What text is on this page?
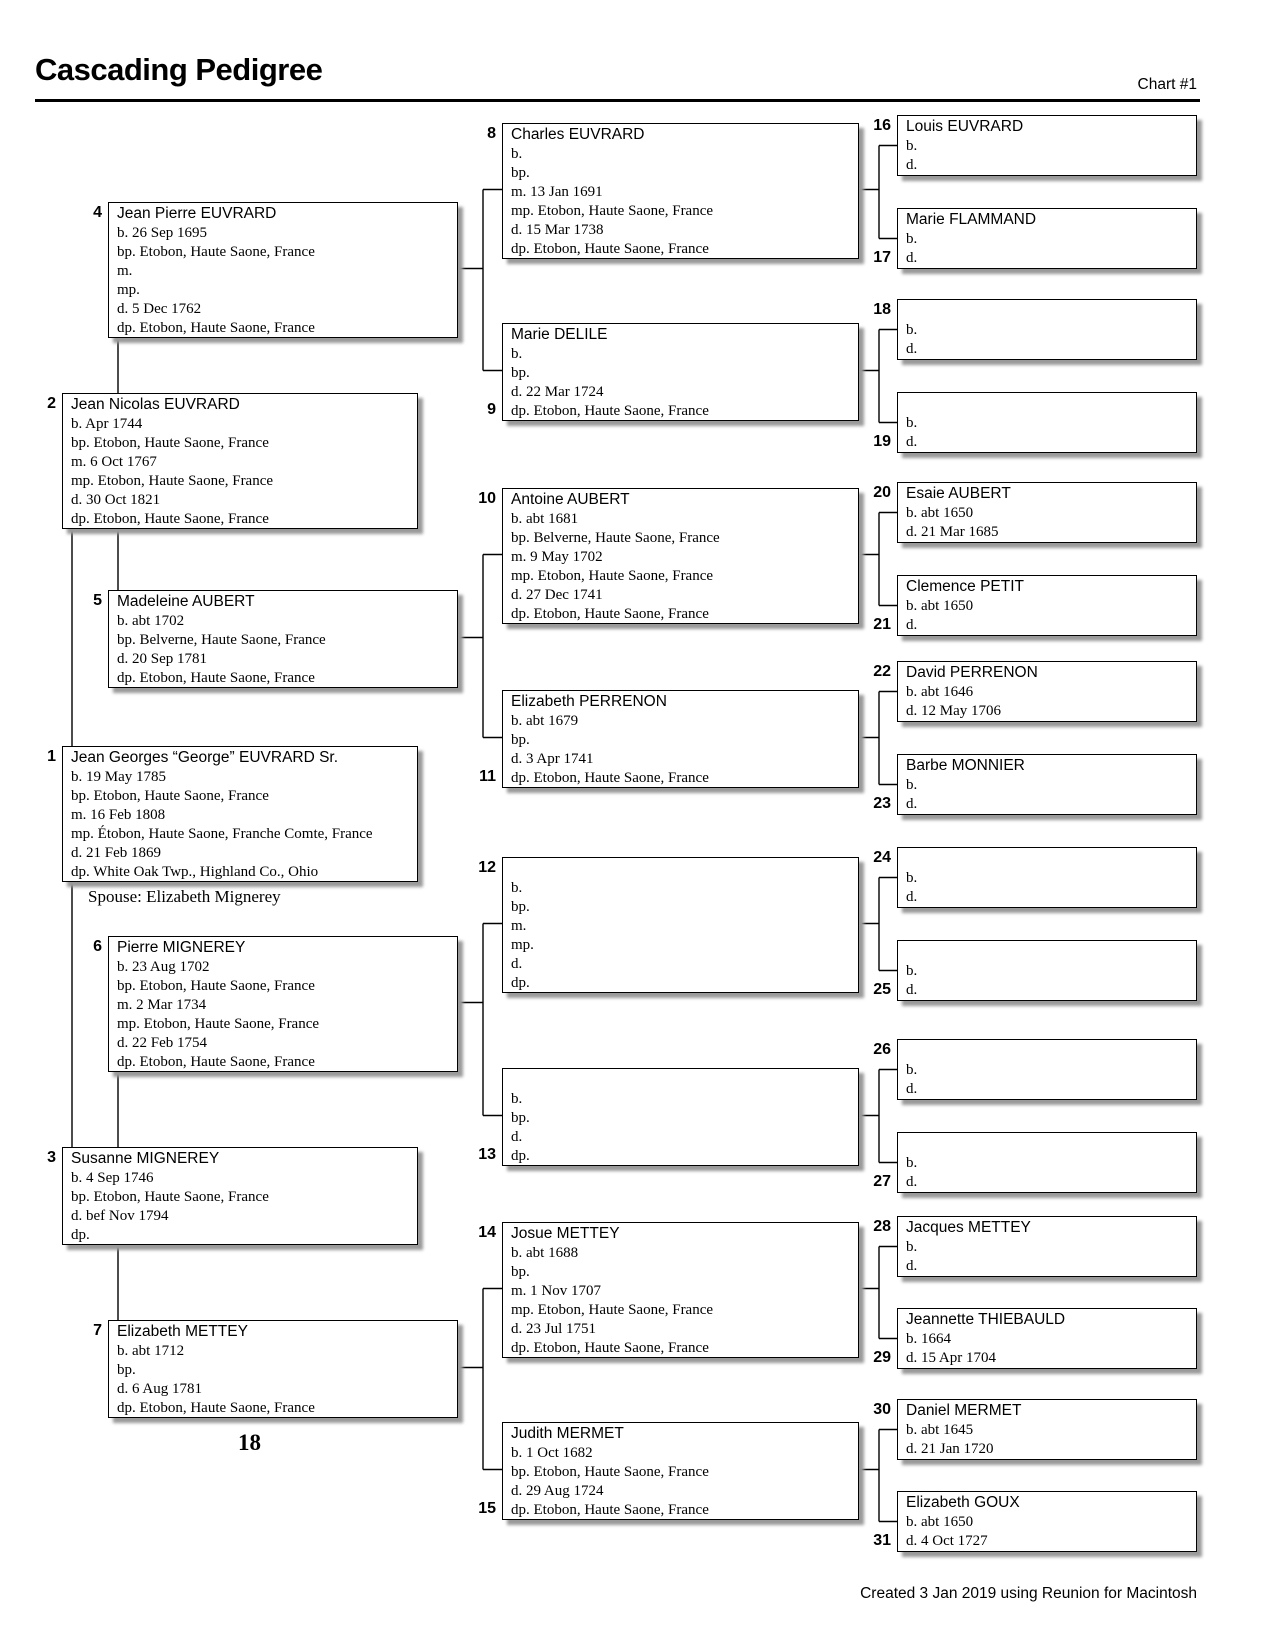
Cascading Pedigree	Chart #1
1 Jean Georges “George” EUVRARD Sr.
b. 19 May 1785
bp. Etobon, Haute Saone, France
m. 16 Feb 1808
mp. Étobon, Haute Saone, Franche Comte, France
d. 21 Feb 1869
dp. White Oak Twp., Highland Co., Ohio
2 Jean Nicolas EUVRARD
b. Apr 1744
bp. Etobon, Haute Saone, France
m. 6 Oct 1767
mp. Etobon, Haute Saone, France
d. 30 Oct 1821
dp. Etobon, Haute Saone, France
3 Susanne MIGNEREY
b. 4 Sep 1746
bp. Etobon, Haute Saone, France
d. bef Nov 1794
dp.
4 Jean Pierre EUVRARD
b. 26 Sep 1695
bp. Etobon, Haute Saone, France
m.
mp.
d. 5 Dec 1762
dp. Etobon, Haute Saone, France
5 Madeleine AUBERT
b. abt 1702
bp. Belverne, Haute Saone, France
d. 20 Sep 1781
dp. Etobon, Haute Saone, France
6 Pierre MIGNEREY
b. 23 Aug 1702
bp. Etobon, Haute Saone, France
m. 2 Mar 1734
mp. Etobon, Haute Saone, France
d. 22 Feb 1754
dp. Etobon, Haute Saone, France
7 Elizabeth METTEY
b. abt 1712
bp.
d. 6 Aug 1781
dp. Etobon, Haute Saone, France
8 Charles EUVRARD
b.
bp.
m. 13 Jan 1691
mp. Etobon, Haute Saone, France
d. 15 Mar 1738
dp. Etobon, Haute Saone, France
9
Marie DELILE
b.
bp.
d. 22 Mar 1724
dp. Etobon, Haute Saone, France
10 Antoine AUBERT
b. abt 1681
bp. Belverne, Haute Saone, France
m. 9 May 1702
mp. Etobon, Haute Saone, France
d. 27 Dec 1741
dp. Etobon, Haute Saone, France
11
Elizabeth PERRENON
b. abt 1679
bp.
d. 3 Apr 1741
dp. Etobon, Haute Saone, France
12
b.
bp.
m.
mp.
d.
dp.
13
b.
bp.
d.
dp.
14 Josue METTEY
b. abt 1688
bp.
m. 1 Nov 1707
mp. Etobon, Haute Saone, France
d. 23 Jul 1751
dp. Etobon, Haute Saone, France
15
Judith MERMET
b. 1 Oct 1682
bp. Etobon, Haute Saone, France
d. 29 Aug 1724
dp. Etobon, Haute Saone, France
16 Louis EUVRARD
b.
d.
17
Marie FLAMMAND
b.
d.
18
b.
d.
19
b.
d.
20 Esaie AUBERT
b. abt 1650
d. 21 Mar 1685
21
Clemence PETIT
b. abt 1650
d.
22 David PERRENON
b. abt 1646
d. 12 May 1706
23
Barbe MONNIER
b.
d.
24
b.
d.
25
b.
d.
26
b.
d.
27
b.
d.
28 Jacques METTEY
b.
d.
29
Jeannette THIEBAULD
b. 1664
d. 15 Apr 1704
30 Daniel MERMET
b. abt 1645
d. 21 Jan 1720
31
Elizabeth GOUX
b. abt 1650
d. 4 Oct 1727
Spouse: Elizabeth Mignerey
18
Created 3 Jan 2019 using Reunion for Macintosh
